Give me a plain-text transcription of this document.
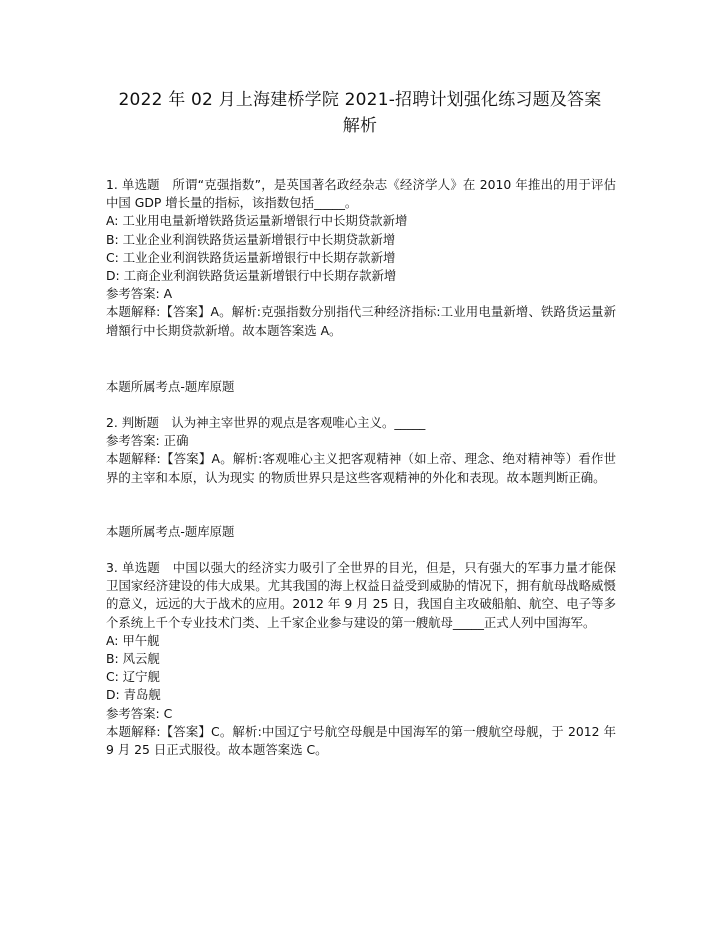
2022 年 02 月上海建桥学院 2021-招聘计划强化练习题及答案
解析
1. 单选题　所谓“克强指数”，是英国著名政经杂志《经济学人》在 2010 年推出的用于评估中国 GDP 增长量的指标，该指数包括_____。
A: 工业用电量新增铁路货运量新增银行中长期贷款新增
B: 工业企业利润铁路货运量新增银行中长期贷款新增
C: 工业企业利润铁路货运量新增银行中长期存款新增
D: 工商企业利润铁路货运量新增银行中长期存款新增
参考答案: A
本题解释:【答案】A。解析:克强指数分别指代三种经济指标:工业用电量新增、铁路货运量新增額行中长期贷款新增。故本题答案选 A。
本题所属考点-题库原题
2. 判断题　认为神主宰世界的观点是客观唯心主义。_____
参考答案: 正确
本题解释:【答案】A。解析:客观唯心主义把客观精神（如上帝、理念、绝对精神等）看作世界的主宰和本原，认为现实 的物质世界只是这些客观精神的外化和表现。故本题判断正确。
本题所属考点-题库原题
3. 单选题　中国以强大的经济实力吸引了全世界的目光，但是，只有强大的军事力量才能保卫国家经济建设的伟大成果。尤其我国的海上权益日益受到威胁的情况下，拥有航母战略威慑的意义，远远的大于战术的应用。2012 年 9 月 25 日，我国自主攻破船舶、航空、电子等多个系统上千个专业技术门类、上千家企业参与建设的第一艘航母_____正式人列中国海军。
A: 甲午舰
B: 风云舰
C: 辽宁舰
D: 青岛舰
参考答案: C
本题解释:【答案】C。解析:中国辽宁号航空母舰是中国海军的第一艘航空母舰，于 2012 年 9 月 25 日正式服役。故本题答案选 C。
